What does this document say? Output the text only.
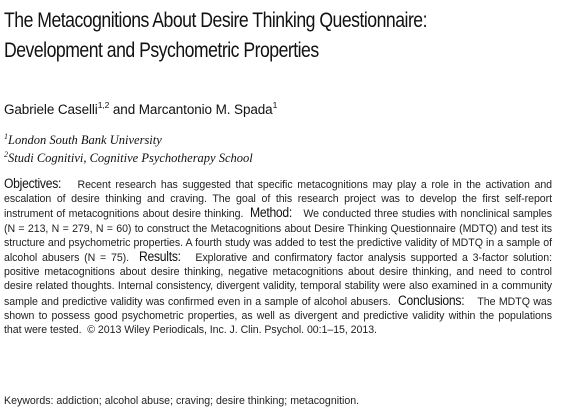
The Metacognitions About Desire Thinking Questionnaire:
Development and Psychometric Properties
Gabriele Caselli$^{1,2}$ and Marcantonio M. Spada$^1$
$^1$London South Bank University
$^2$Studi Cognitivi, Cognitive Psychotherapy School

Objectives: Recent research has suggested that specific metacognitions may play a role in the activation and escalation of desire thinking and craving. The goal of this research project was to develop the first self-report instrument of metacognitions about desire thinking. Method: We conducted three studies with nonclinical samples (N = 213, N = 279, N = 60) to construct the Metacognitions about Desire Thinking Questionnaire (MDTQ) and test its structure and psychometric properties. A fourth study was added to test the predictive validity of MDTQ in a sample of alcohol abusers (N = 75). Results: Explorative and confirmatory factor analysis supported a 3-factor solution: positive metacognitions about desire thinking, negative metacognitions about desire thinking, and need to control desire related thoughts. Internal consistency, divergent validity, temporal stability were also examined in a community sample and predictive validity was confirmed even in a sample of alcohol abusers. Conclusions: The MDTQ was shown to possess good psychometric properties, as well as divergent and predictive validity within the populations that were tested. © 2013 Wiley Periodicals, Inc. J. Clin. Psychol. 00:1–15, 2013.

Keywords: addiction; alcohol abuse; craving; desire thinking; metacognition.
